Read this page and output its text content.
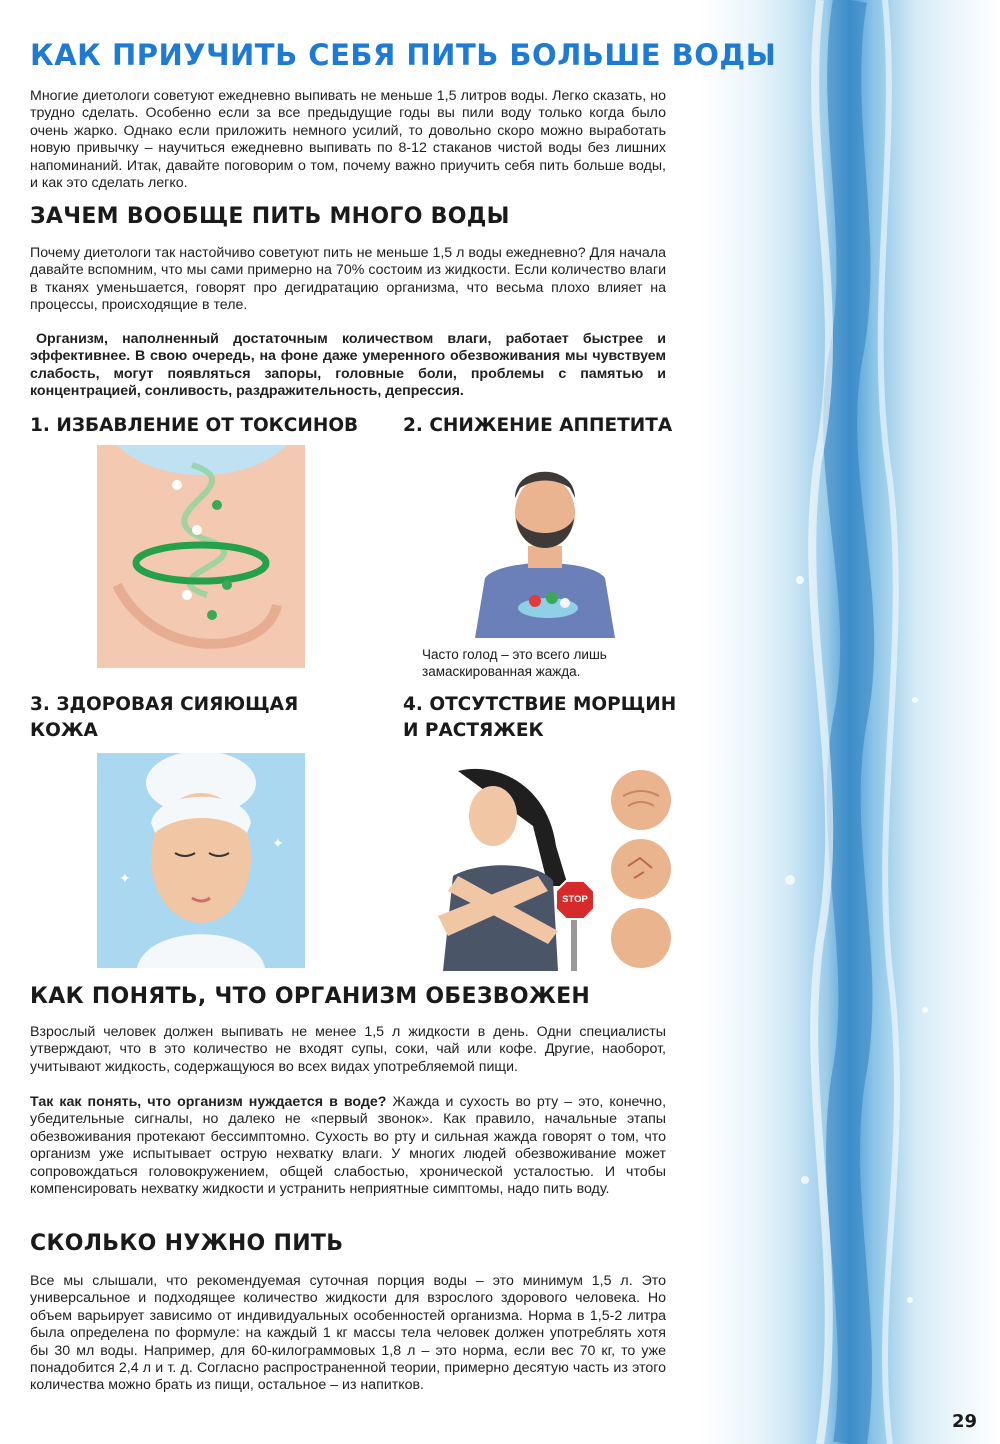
КАК ПРИУЧИТЬ СЕБЯ ПИТЬ БОЛЬШЕ ВОДЫ

Многие диетологи советуют ежедневно выпивать не меньше 1,5 литров воды. Легко сказать, но трудно сделать. Особенно если за все предыдущие годы вы пили воду только когда было очень жарко. Однако если приложить немного усилий, то довольно скоро можно выработать новую привычку – научиться ежедневно выпивать по 8-12 стаканов чистой воды без лишних напоминаний. Итак, давайте поговорим о том, почему важно приучить себя пить больше воды, и как это сделать легко.

ЗАЧЕМ ВООБЩЕ ПИТЬ МНОГО ВОДЫ

Почему диетологи так настойчиво советуют пить не меньше 1,5 л воды ежедневно? Для начала давайте вспомним, что мы сами примерно на 70% состоим из жидкости. Если количество влаги в тканях уменьшается, говорят про дегидратацию организма, что весьма плохо влияет на процессы, происходящие в теле.

Организм, наполненный достаточным количеством влаги, работает быстрее и эффективнее. В свою очередь, на фоне даже умеренного обезвоживания мы чувствуем слабость, могут появляться запоры, головные боли, проблемы с памятью и концентрацией, сонливость, раздражительность, депрессия.

1. ИЗБАВЛЕНИЕ ОТ ТОКСИНОВ 2. СНИЖЕНИЕ АППЕТИТА

Часто голод – это всего лишь замаскированная жажда.

3. ЗДОРОВАЯ СИЯЮЩАЯ
КОЖА
✦
✦
4. ОТСУТСТВИЕ МОРЩИН
И РАСТЯЖЕК
STOP
КАК ПОНЯТЬ, ЧТО ОРГАНИЗМ ОБЕЗВОЖЕН

Взрослый человек должен выпивать не менее 1,5 л жидкости в день. Одни специалисты утверждают, что в это количество не входят супы, соки, чай или кофе. Другие, наоборот, учитывают жидкость, содержащуюся во всех видах употребляемой пищи.

Так как понять, что организм нуждается в воде? Жажда и сухость во рту – это, конечно, убедительные сигналы, но далеко не «первый звонок». Как правило, начальные этапы обезвоживания протекают бессимптомно. Сухость во рту и сильная жажда говорят о том, что организм уже испытывает острую нехватку влаги. У многих людей обезвоживание может сопровождаться головокружением, общей слабостью, хронической усталостью. И чтобы компенсировать нехватку жидкости и устранить неприятные симптомы, надо пить воду.

СКОЛЬКО НУЖНО ПИТЬ

Все мы слышали, что рекомендуемая суточная порция воды – это минимум 1,5 л. Это универсальное и подходящее количество жидкости для взрослого здорового человека. Но объем варьирует зависимо от индивидуальных особенностей организма. Норма в 1,5-2 литра была определена по формуле: на каждый 1 кг массы тела человек должен употреблять хотя бы 30 мл воды. Например, для 60-килограммовых 1,8 л – это норма, если вес 70 кг, то уже понадобится 2,4 л и т. д. Согласно распространенной теории, примерно десятую часть из этого количества можно брать из пищи, остальное – из напитков.

29
